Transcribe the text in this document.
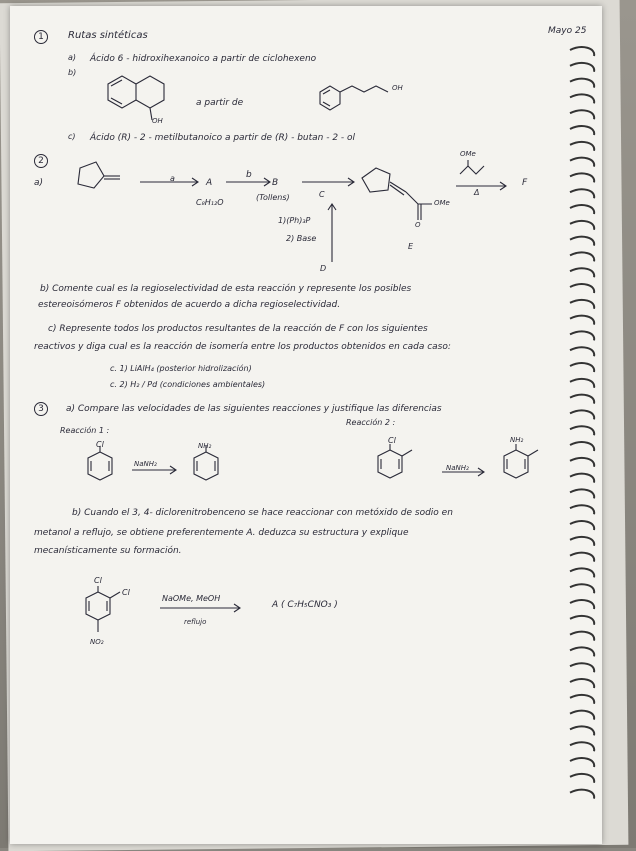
Mayo 25
1	Rutas sintéticas
a) Ácido 6 - hidroxihexanoico a partir de ciclohexeno
b)
OH
a partir de
OH
c) Ácido (R) - 2 - metilbutanoico a partir de (R) - butan - 2 - ol
2
a)	a	A
C₈H₁₂O
b
B
(Tollens)	C
1)(Ph)₃P
2) Base
D
OMe
O
E
OMe
Δ
F
b) Comente cual es la regioselectividad de esta reacción y represente los posibles
estereoisómeros F obtenidos de acuerdo a dicha regioselectividad.
c) Represente todos los productos resultantes de la reacción de F con los siguientes
reactivos y diga cual es la reacción de isomería entre los productos obtenidos en cada caso:
c. 1) LiAlH₄ (posterior hidrolización)
c. 2) H₂ / Pd (condiciones ambientales)
3	a) Compare las velocidades de las siguientes reacciones y justifique las diferencias
Reacción 1 :
Reacción 2 :
Cl
NaNH₂
NH₂
Cl
NaNH₂
NH₂
b) Cuando el 3, 4- diclorenitrobenceno se hace reaccionar con metóxido de sodio en
metanol a reflujo, se obtiene preferentemente A. deduzca su estructura y explique
mecanísticamente su formación.
Cl
Cl
NO₂
NaOMe, MeOH
reflujo
A ( C₇H₅CNO₃ )
